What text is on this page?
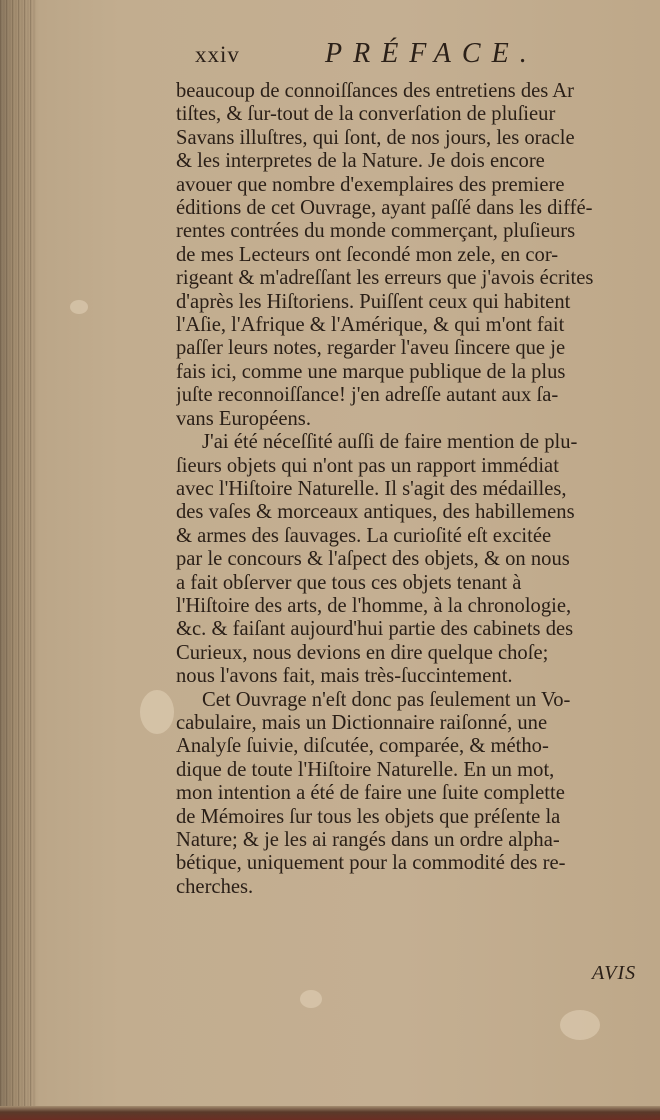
xxiv	PRÉFACE.
beaucoup de connoiſſances des entretiens des Ar
tiſtes, & ſur-tout de la converſation de pluſieur
Savans illuſtres, qui ſont, de nos jours, les oracle
& les interpretes de la Nature. Je dois encore
avouer que nombre d'exemplaires des premiere
éditions de cet Ouvrage, ayant paſſé dans les diffé-
rentes contrées du monde commerçant, pluſieurs
de mes Lecteurs ont ſecondé mon zele, en cor-
rigeant & m'adreſſant les erreurs que j'avois écrites
d'après les Hiſtoriens. Puiſſent ceux qui habitent
l'Aſie, l'Afrique & l'Amérique, & qui m'ont fait
paſſer leurs notes, regarder l'aveu ſincere que je
fais ici, comme une marque publique de la plus
juſte reconnoiſſance! j'en adreſſe autant aux ſa-
vans Européens.
J'ai été néceſſité auſſi de faire mention de plu-
ſieurs objets qui n'ont pas un rapport immédiat
avec l'Hiſtoire Naturelle. Il s'agit des médailles,
des vaſes & morceaux antiques, des habillemens
& armes des ſauvages. La curioſité eſt excitée
par le concours & l'aſpect des objets, & on nous
a fait obſerver que tous ces objets tenant à
l'Hiſtoire des arts, de l'homme, à la chronologie,
&c. & faiſant aujourd'hui partie des cabinets des
Curieux, nous devions en dire quelque choſe;
nous l'avons fait, mais très-ſuccintement.
Cet Ouvrage n'eſt donc pas ſeulement un Vo-
cabulaire, mais un Dictionnaire raiſonné, une
Analyſe ſuivie, diſcutée, comparée, & métho-
dique de toute l'Hiſtoire Naturelle. En un mot,
mon intention a été de faire une ſuite complette
de Mémoires ſur tous les objets que préſente la
Nature; & je les ai rangés dans un ordre alpha-
bétique, uniquement pour la commodité des re-
cherches.
AVIS
